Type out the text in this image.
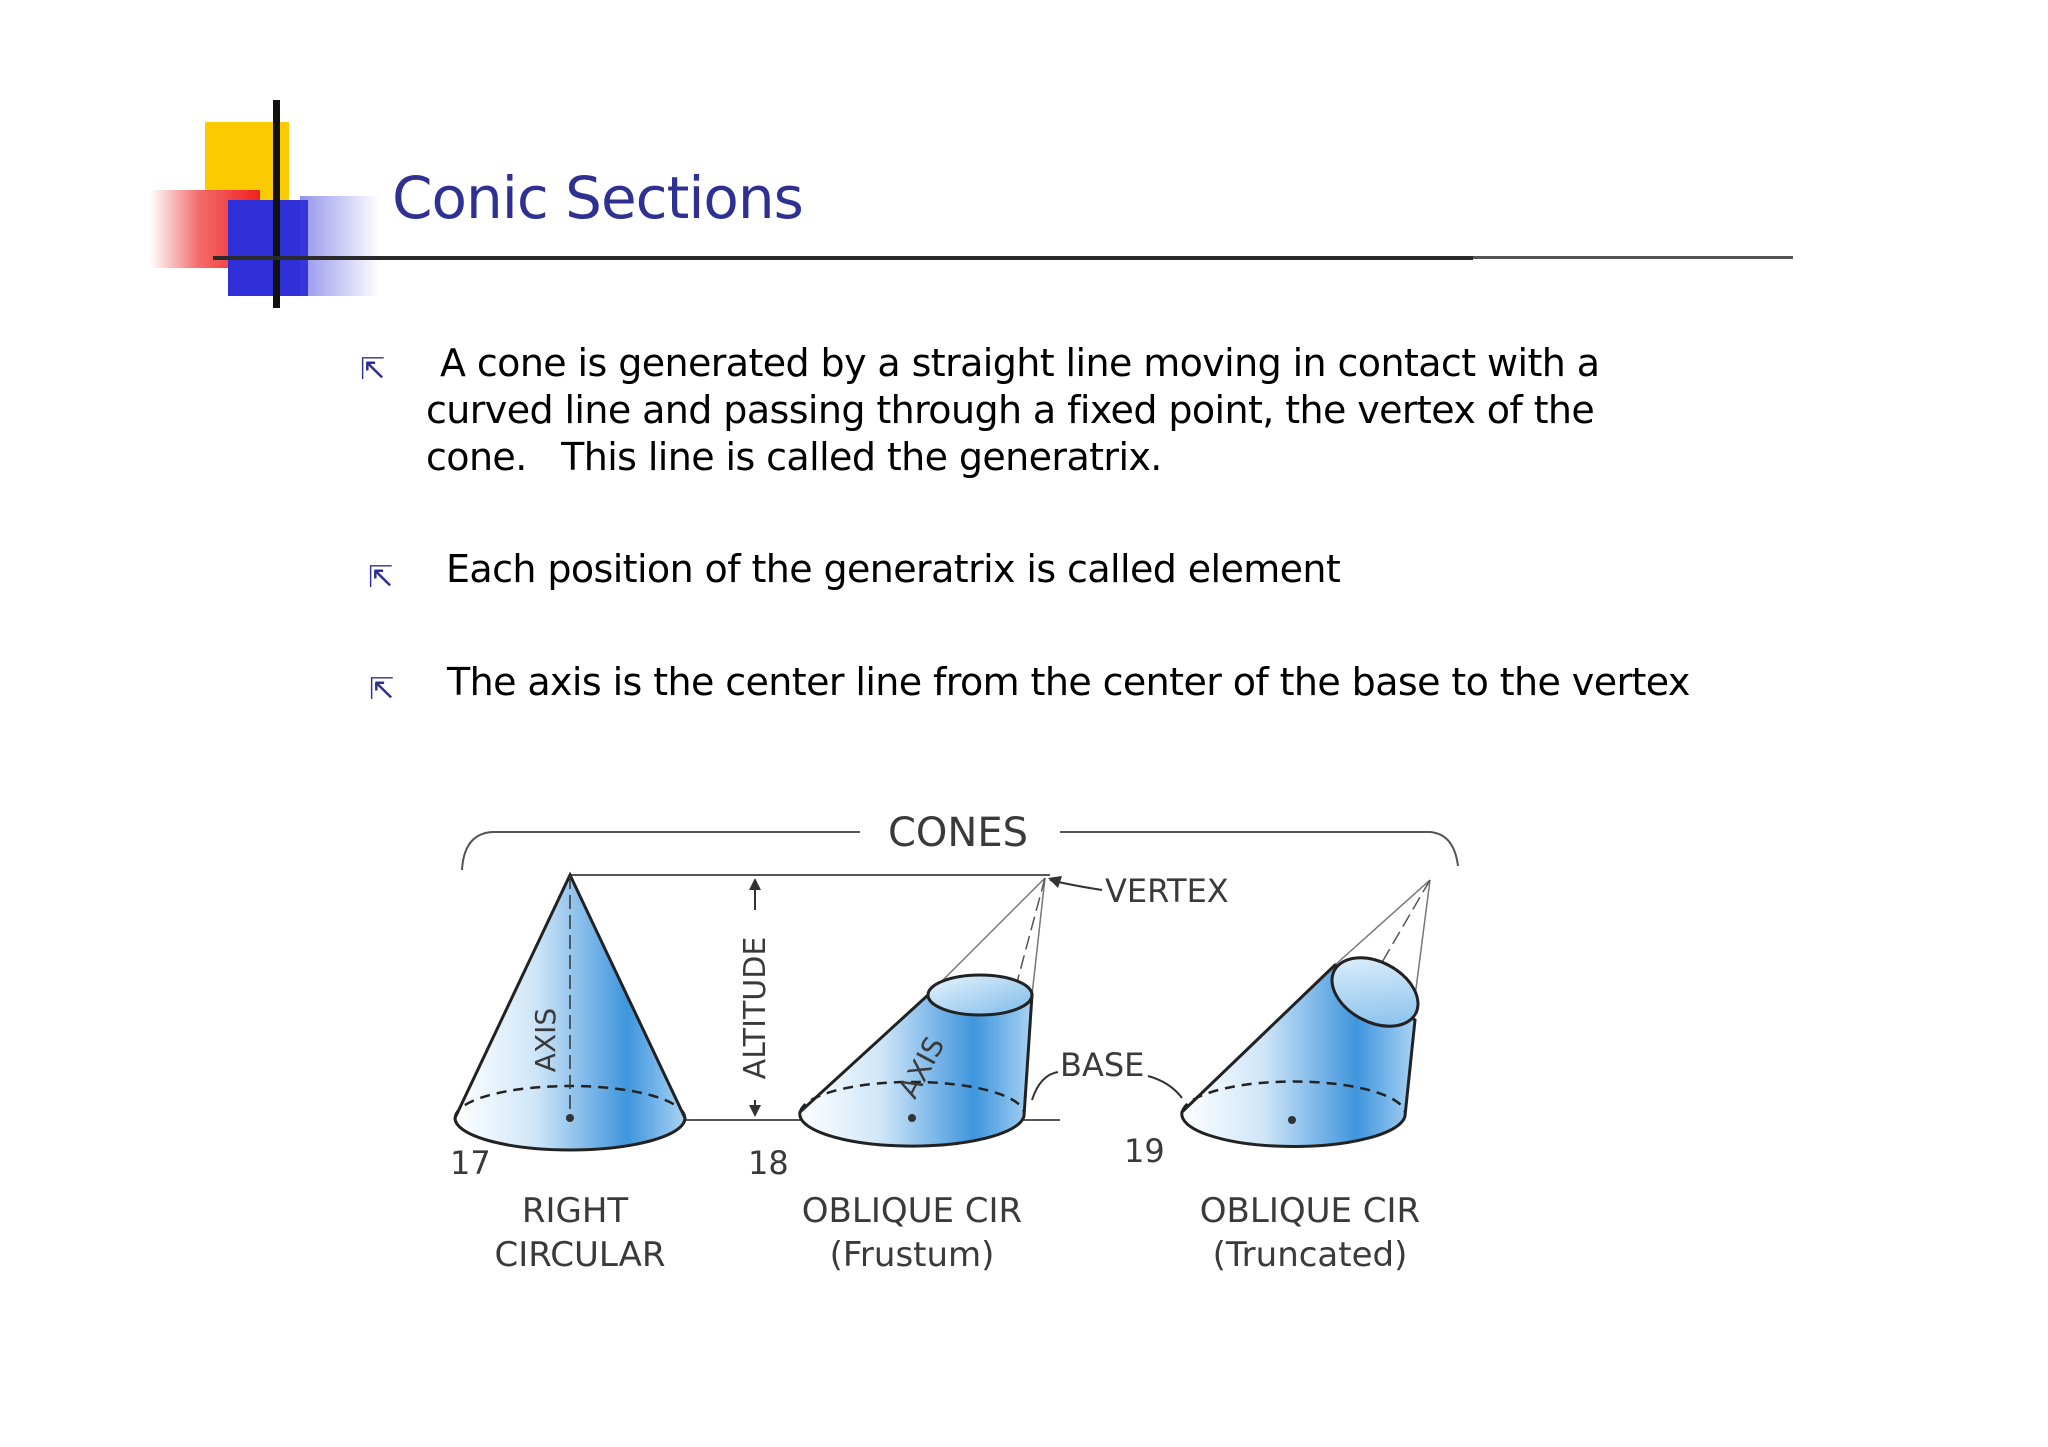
Conic Sections
⇱	A cone is generated by a straight line moving in contact with a
curved line and passing through a fixed point, the vertex of the
cone.   This line is called the generatrix.

⇱ Each position of the generatrix is called element

⇱ The axis is the center line from the center of the base to the vertex

CONES
ALTITUDE
AXIS
17
RIGHT
CIRCULAR
AXIS
18
OBLIQUE CIR
(Frustum)
VERTEX
BASE
19
OBLIQUE CIR
(Truncated)
